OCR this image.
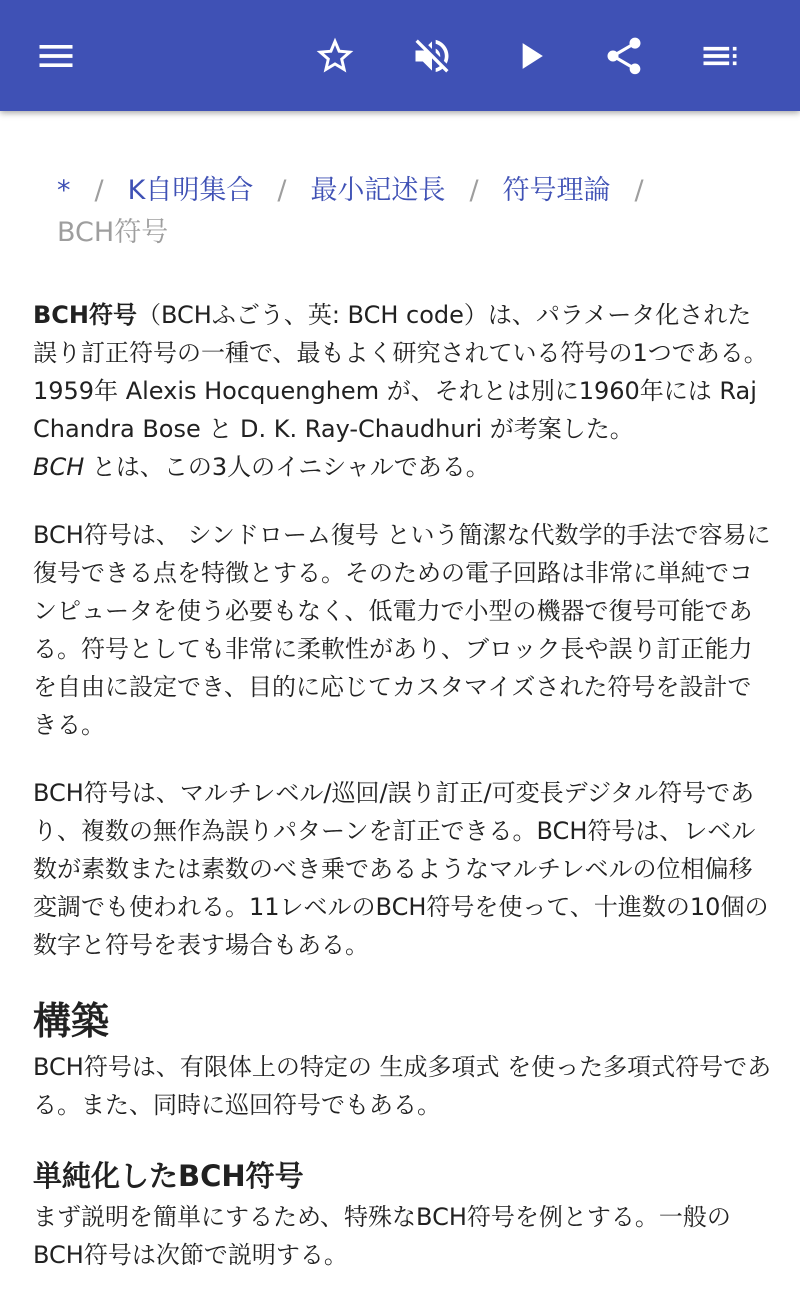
* / K自明集合 / 最小記述長 / 符号理論 /
BCH符号

BCH符号（BCHふごう、英: BCH code）は、パラメータ化された誤り訂正符号の一種で、最もよく研究されている符号の1つである。1959年 Alexis Hocquenghem が、それとは別に1960年には Raj Chandra Bose と D. K. Ray-Chaudhuri が考案した。
BCH とは、この3人のイニシャルである。

BCH符号は、 シンドローム復号 という簡潔な代数学的手法で容易に復号できる点を特徴とする。そのための電子回路は非常に単純でコンピュータを使う必要もなく、低電力で小型の機器で復号可能である。符号としても非常に柔軟性があり、ブロック長や誤り訂正能力を自由に設定でき、目的に応じてカスタマイズされた符号を設計できる。

BCH符号は、マルチレベル/巡回/誤り訂正/可変長デジタル符号であり、複数の無作為誤りパターンを訂正できる。BCH符号は、レベル数が素数または素数のべき乗であるようなマルチレベルの位相偏移変調でも使われる。11レベルのBCH符号を使って、十進数の10個の数字と符号を表す場合もある。

構築

BCH符号は、有限体上の特定の 生成多項式 を使った多項式符号である。また、同時に巡回符号でもある。

単純化したBCH符号

まず説明を簡単にするため、特殊なBCH符号を例とする。一般のBCH符号は次節で説明する。
